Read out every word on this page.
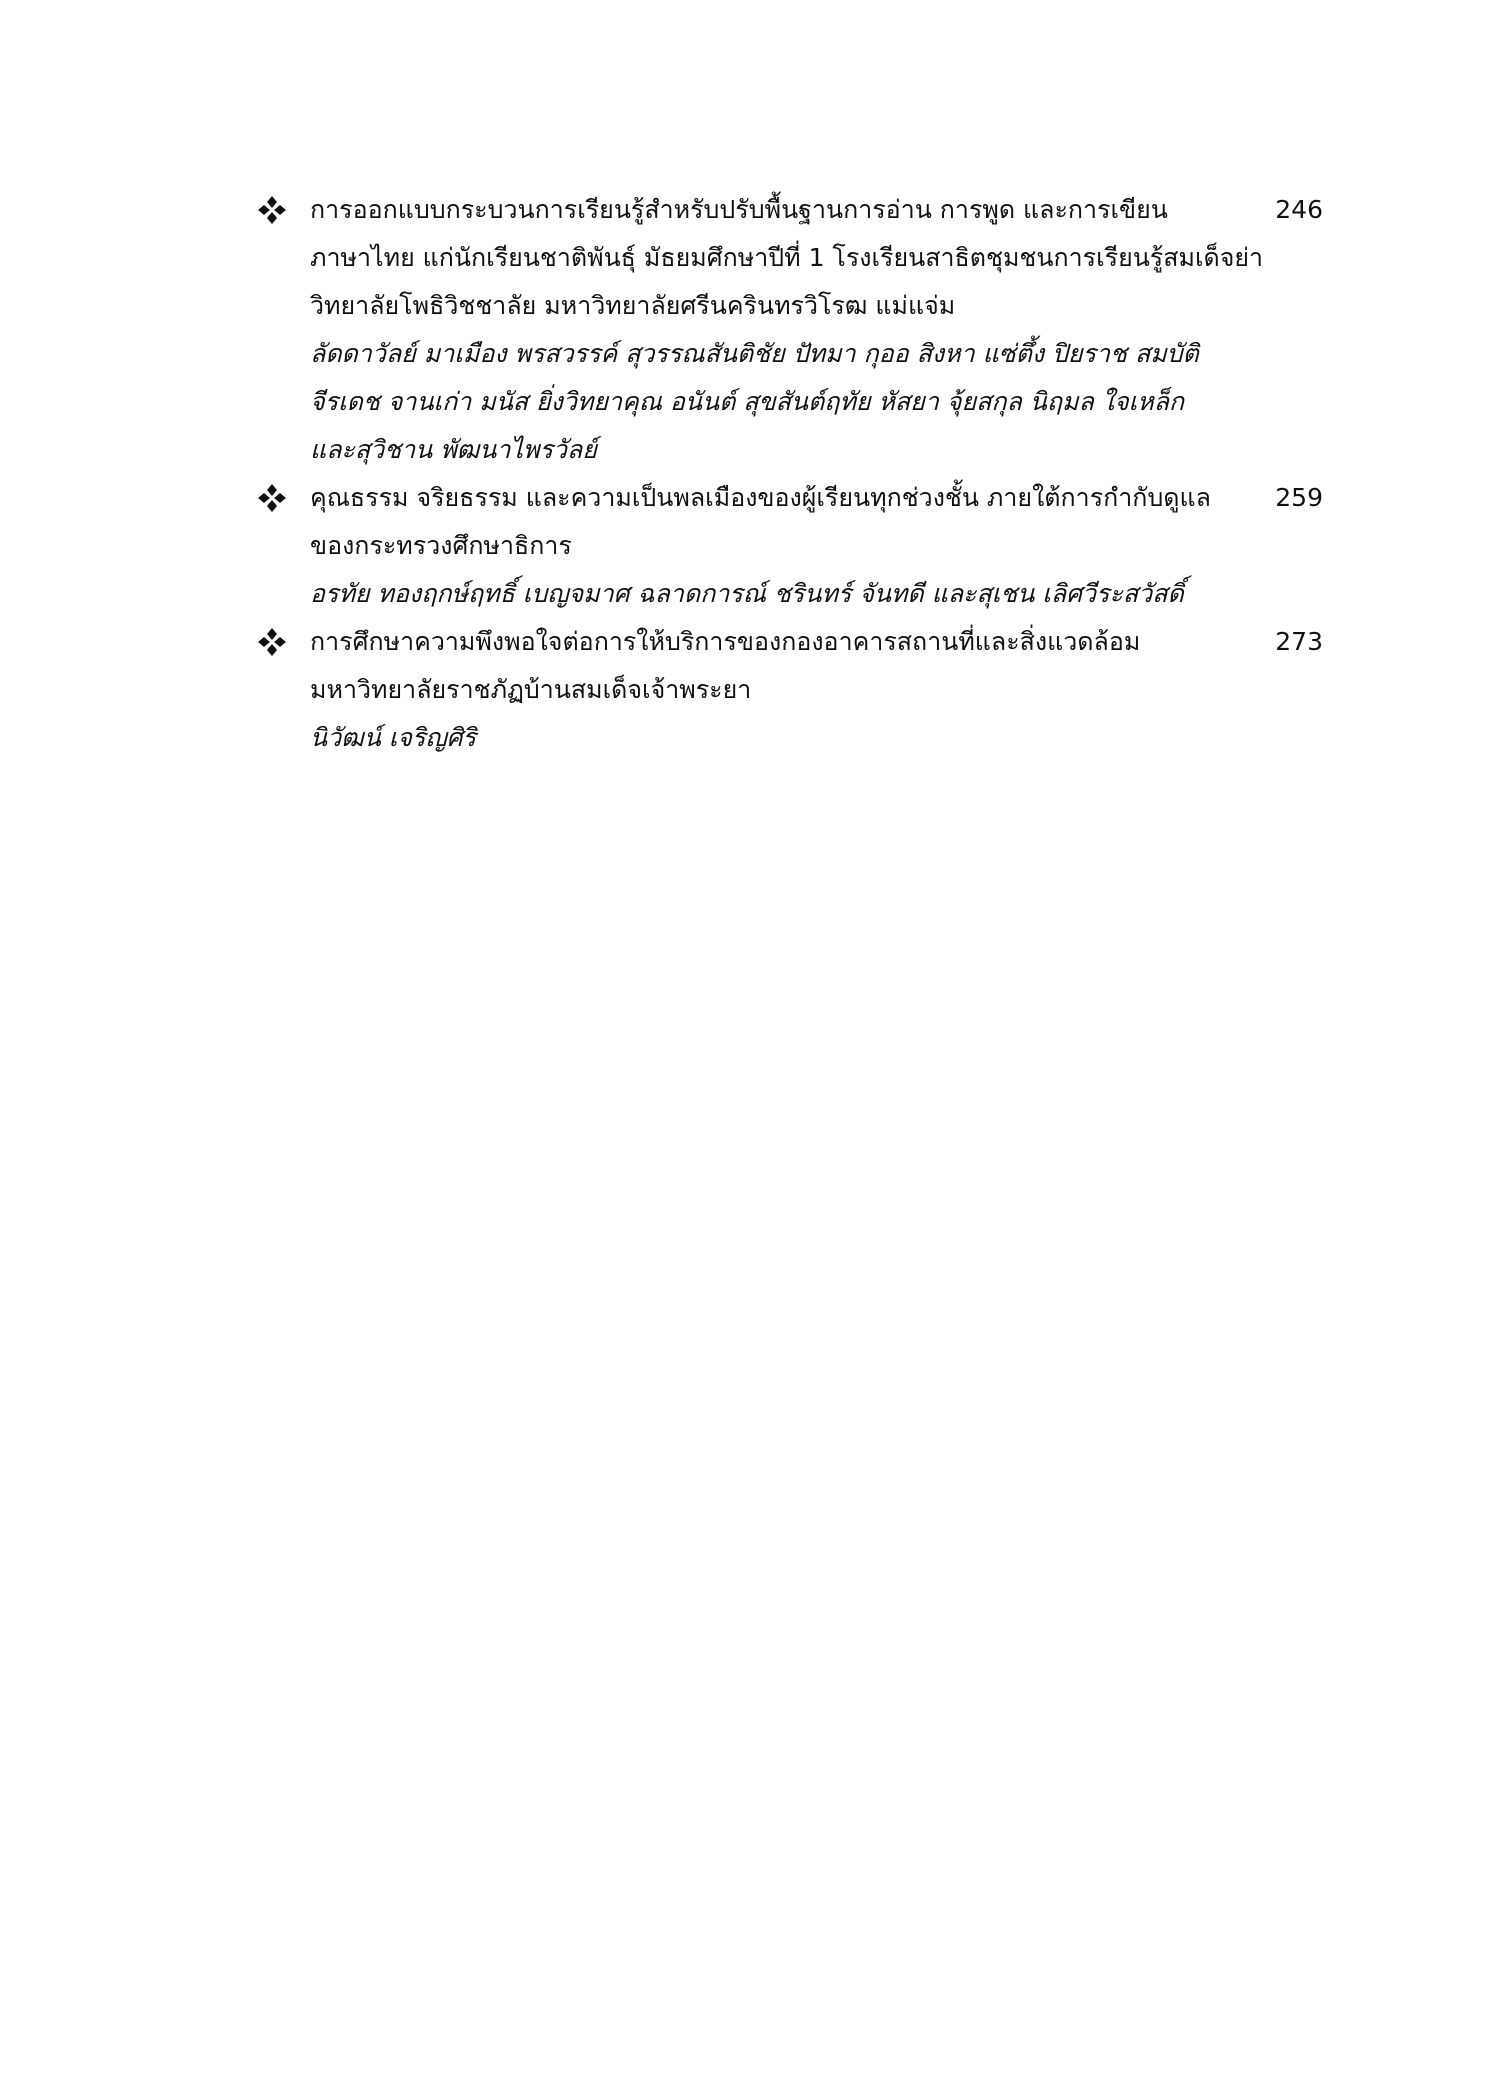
246
การออกแบบกระบวนการเรียนรู้สำหรับปรับพื้นฐานการอ่าน การพูด และการเขียน
ภาษาไทย แก่นักเรียนชาติพันธุ์ มัธยมศึกษาปีที่ 1 โรงเรียนสาธิตชุมชนการเรียนรู้สมเด็จย่า
วิทยาลัยโพธิวิชชาลัย มหาวิทยาลัยศรีนครินทรวิโรฒ แม่แจ่ม
ลัดดาวัลย์ มาเมือง พรสวรรค์ สุวรรณสันติชัย ปัทมา กุออ สิงหา แซ่ตึ้ง ปิยราช สมบัติ
จีรเดช จานเก่า มนัส ยิ่งวิทยาคุณ อนันต์ สุขสันต์ฤทัย หัสยา จุ้ยสกุล นิฤมล ใจเหล็ก
และสุวิชาน พัฒนาไพรวัลย์
259
คุณธรรม จริยธรรม และความเป็นพลเมืองของผู้เรียนทุกช่วงชั้น ภายใต้การกำกับดูแล
ของกระทรวงศึกษาธิการ
อรทัย ทองฤกษ์ฤทธิ์ เบญจมาศ ฉลาดการณ์ ชรินทร์ จันทดี และสุเชน เลิศวีระสวัสดิ์
273
การศึกษาความพึงพอใจต่อการให้บริการของกองอาคารสถานที่และสิ่งแวดล้อม
มหาวิทยาลัยราชภัฏบ้านสมเด็จเจ้าพระยา
นิวัฒน์ เจริญศิริ
